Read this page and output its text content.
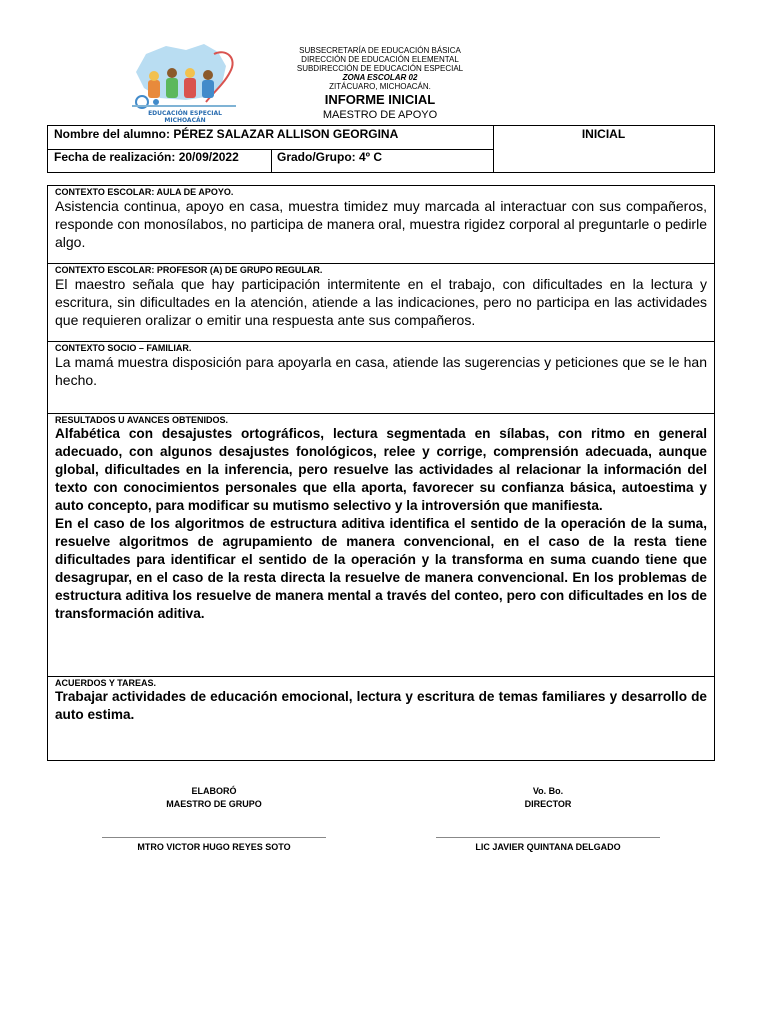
EDUCACIÓN ESPECIAL MICHOACÁN
SUBSECRETARÍA DE EDUCACIÓN BÁSICA
DIRECCIÓN DE EDUCACIÓN ELEMENTAL
SUBDIRECCIÓN DE EDUCACIÓN ESPECIAL
ZONA ESCOLAR 02
ZITÁCUARO, MICHOACÁN.
INFORME INICIAL
MAESTRO DE APOYO
Nombre del alumno: PÉREZ SALAZAR ALLISON GEORGINA
Fecha de realización: 20/09/2022	Grado/Grupo: 4º C
INICIAL
CONTEXTO ESCOLAR: AULA DE APOYO.

Asistencia continua, apoyo en casa, muestra timidez muy marcada al interactuar con sus compañeros, responde con monosílabos, no participa de manera oral, muestra rigidez corporal al preguntarle o pedirle algo.

CONTEXTO ESCOLAR: PROFESOR (A) DE GRUPO REGULAR.

El maestro señala que hay participación intermitente en el trabajo, con dificultades en la lectura y escritura, sin dificultades en la atención, atiende a las indicaciones, pero no participa en las actividades que requieren oralizar o emitir una respuesta ante sus compañeros.

CONTEXTO SOCIO – FAMILIAR.

La mamá muestra disposición para apoyarla en casa, atiende las sugerencias y peticiones que se le han hecho.

RESULTADOS U AVANCES OBTENIDOS.

Alfabética con desajustes ortográficos, lectura segmentada en sílabas, con ritmo en general adecuado, con algunos desajustes fonológicos, relee y corrige, comprensión adecuada, aunque global, dificultades en la inferencia, pero resuelve las actividades al relacionar la información del texto con conocimientos personales que ella aporta, favorecer su confianza básica, autoestima y auto concepto, para modificar su mutismo selectivo y la introversión que manifiesta.

En el caso de los algoritmos de estructura aditiva identifica el sentido de la operación de la suma, resuelve algoritmos de agrupamiento de manera convencional, en el caso de la resta tiene dificultades para identificar el sentido de la operación y la transforma en suma cuando tiene que desagrupar, en el caso de la resta directa la resuelve de manera convencional. En los problemas de estructura aditiva los resuelve de manera mental a través del conteo, pero con dificultades en los de transformación aditiva.

ACUERDOS Y TAREAS.

Trabajar actividades de educación emocional, lectura y escritura de temas familiares y desarrollo de auto estima.

ELABORÓ
MAESTRO DE GRUPO
Vo. Bo.
DIRECTOR
MTRO VICTOR HUGO REYES SOTO	LIC JAVIER QUINTANA DELGADO
